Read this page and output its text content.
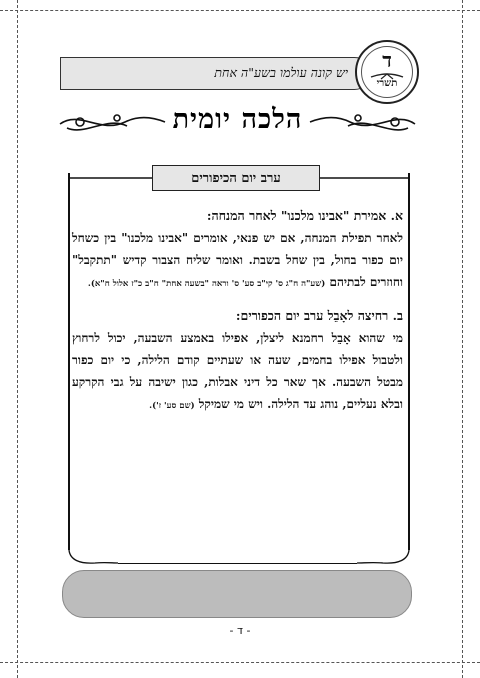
יש קונה עולמו בשע"ה אחת
ד
תשרי
הלכה יומית
ערב יום הכיפורים

א. אמירת "אבינו מלכנו" לאחר המנחה:
לאחר תפילת המנחה, אם יש פנאי, אומרים "אבינו מלכנו" בין כשחל יום כפור בחול, בין שחל בשבת. ואומר שליח הצבור קדיש "תתקבל" וחוזרים לבתיהם (שע"ה ח"ג ס' קי"ב סע' ס' וראה "בשעה אחת" ח"ב כ"ז אלול ח"א).

ב. רחיצה לאָבֵל ערב יום הכפורים:
מי שהוא אָבֵל רחמנא ליצלן, אפילו באמצע השבעה, יכול לרחוץ ולטבול אפילו בחמים, שעה או שעתיים קודם הלילה, כי יום כפור מבטל השבעה. אך שאר כל דיני אבלות, כגון ישיבה על גבי הקרקע ובלא נעליים, נוהג עד הלילה. ויש מי שמיקל (שם סע' ז').

- ד -
